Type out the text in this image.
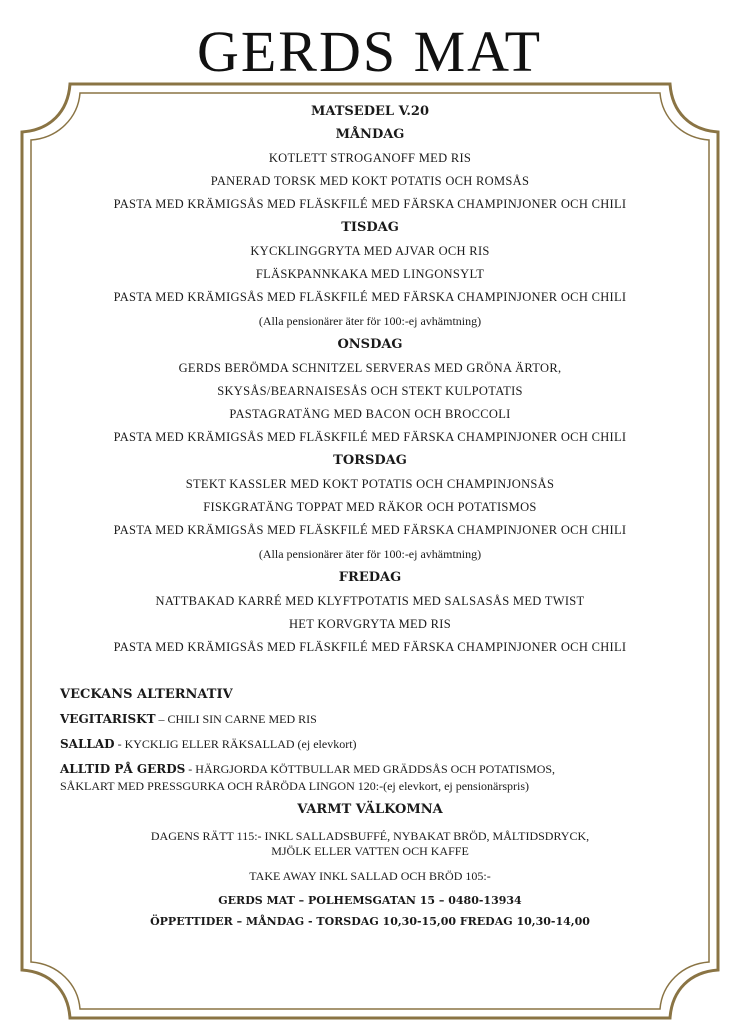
GERDS MAT

MATSEDEL V.20

MÅNDAG

KOTLETT STROGANOFF MED RIS

PANERAD TORSK MED KOKT POTATIS OCH ROMSÅS

PASTA MED KRÄMIGSÅS MED FLÄSKFILÉ MED FÄRSKA CHAMPINJONER OCH CHILI

TISDAG

KYCKLINGGRYTA MED AJVAR OCH RIS

FLÄSKPANNKAKA MED LINGONSYLT

PASTA MED KRÄMIGSÅS MED FLÄSKFILÉ MED FÄRSKA CHAMPINJONER OCH CHILI

(Alla pensionärer äter för 100:-ej avhämtning)

ONSDAG

GERDS BERÖMDA SCHNITZEL SERVERAS MED GRÖNA ÄRTOR,

SKYSÅS/BEARNAISESÅS OCH STEKT KULPOTATIS

PASTAGRATÄNG MED BACON OCH BROCCOLI

PASTA MED KRÄMIGSÅS MED FLÄSKFILÉ MED FÄRSKA CHAMPINJONER OCH CHILI

TORSDAG

STEKT KASSLER MED KOKT POTATIS OCH CHAMPINJONSÅS

FISKGRATÄNG TOPPAT MED RÄKOR OCH POTATISMOS

PASTA MED KRÄMIGSÅS MED FLÄSKFILÉ MED FÄRSKA CHAMPINJONER OCH CHILI

(Alla pensionärer äter för 100:-ej avhämtning)

FREDAG

NATTBAKAD KARRÉ MED KLYFTPOTATIS MED SALSASÅS MED TWIST

HET KORVGRYTA MED RIS

PASTA MED KRÄMIGSÅS MED FLÄSKFILÉ MED FÄRSKA CHAMPINJONER OCH CHILI

VECKANS ALTERNATIV

VEGITARISKT – CHILI SIN CARNE MED RIS

SALLAD - KYCKLIG ELLER RÄKSALLAD (ej elevkort)

ALLTID PÅ GERDS - HÄRGJORDA KÖTTBULLAR MED GRÄDDSÅS OCH POTATISMOS,

SÅKLART MED PRESSGURKA OCH RÅRÖDA LINGON 120:-(ej elevkort, ej pensionärspris)

VARMT VÄLKOMNA

DAGENS RÄTT 115:- INKL SALLADSBUFFÉ, NYBAKAT BRÖD, MÅLTIDSDRYCK,

MJÖLK ELLER VATTEN OCH KAFFE

TAKE AWAY INKL SALLAD OCH BRÖD 105:-

GERDS MAT – POLHEMSGATAN 15 – 0480-13934

ÖPPETTIDER – MÅNDAG - TORSDAG 10,30-15,00 FREDAG 10,30-14,00
